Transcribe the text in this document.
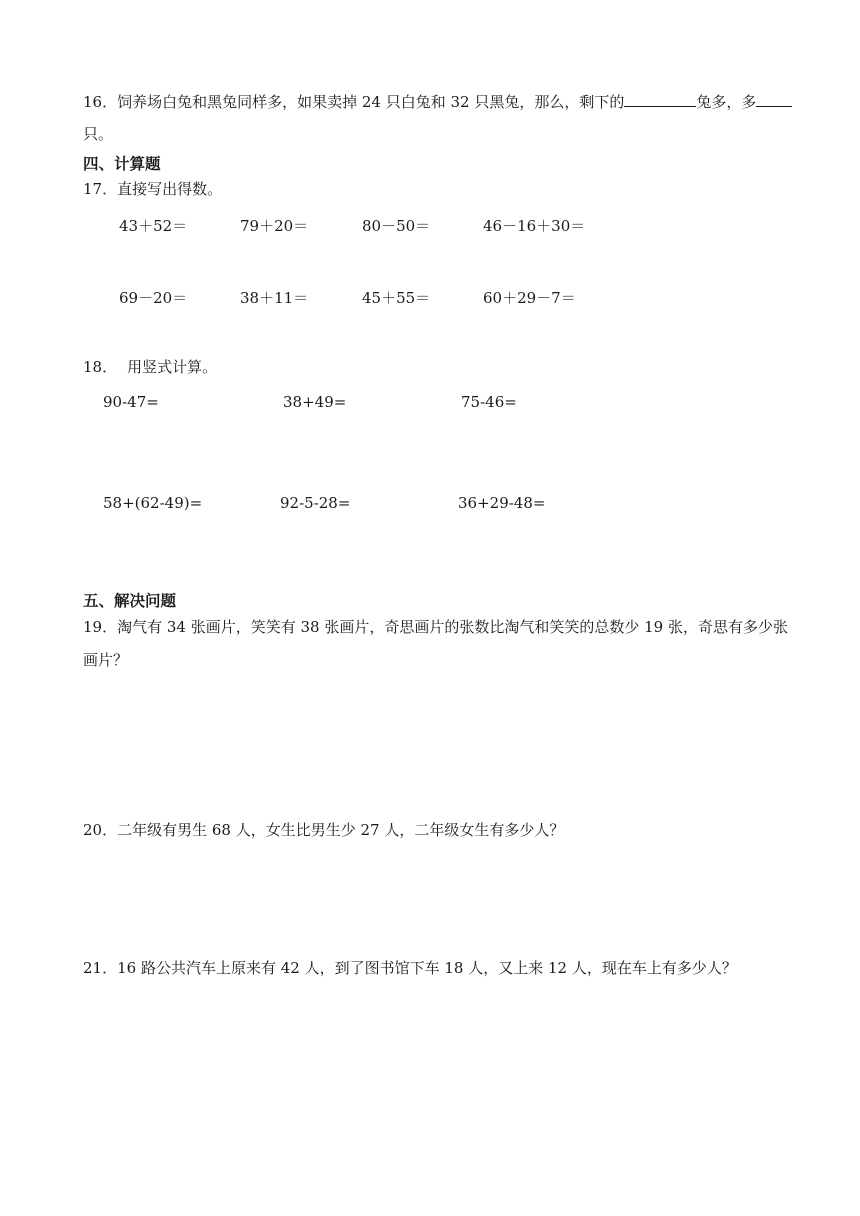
16．饲养场白兔和黑兔同样多，如果卖掉 24 只白兔和 32 只黑兔，那么，剩下的	兔多，多
只。
四、计算题
17．直接写出得数。
43＋52＝	79＋20＝	80－50＝	46－16＋30＝
69－20＝	38＋11＝	45＋55＝	60＋29－7＝
18． 用竖式计算。
90-47=	38+49=	75-46=
58+(62-49)=	92-5-28=	36+29-48=
五、解决问题
19．淘气有 34 张画片，笑笑有 38 张画片，奇思画片的张数比淘气和笑笑的总数少 19 张，奇思有多少张
画片？
20．二年级有男生 68 人，女生比男生少 27 人，二年级女生有多少人？
21．16 路公共汽车上原来有 42 人，到了图书馆下车 18 人，又上来 12 人，现在车上有多少人？
